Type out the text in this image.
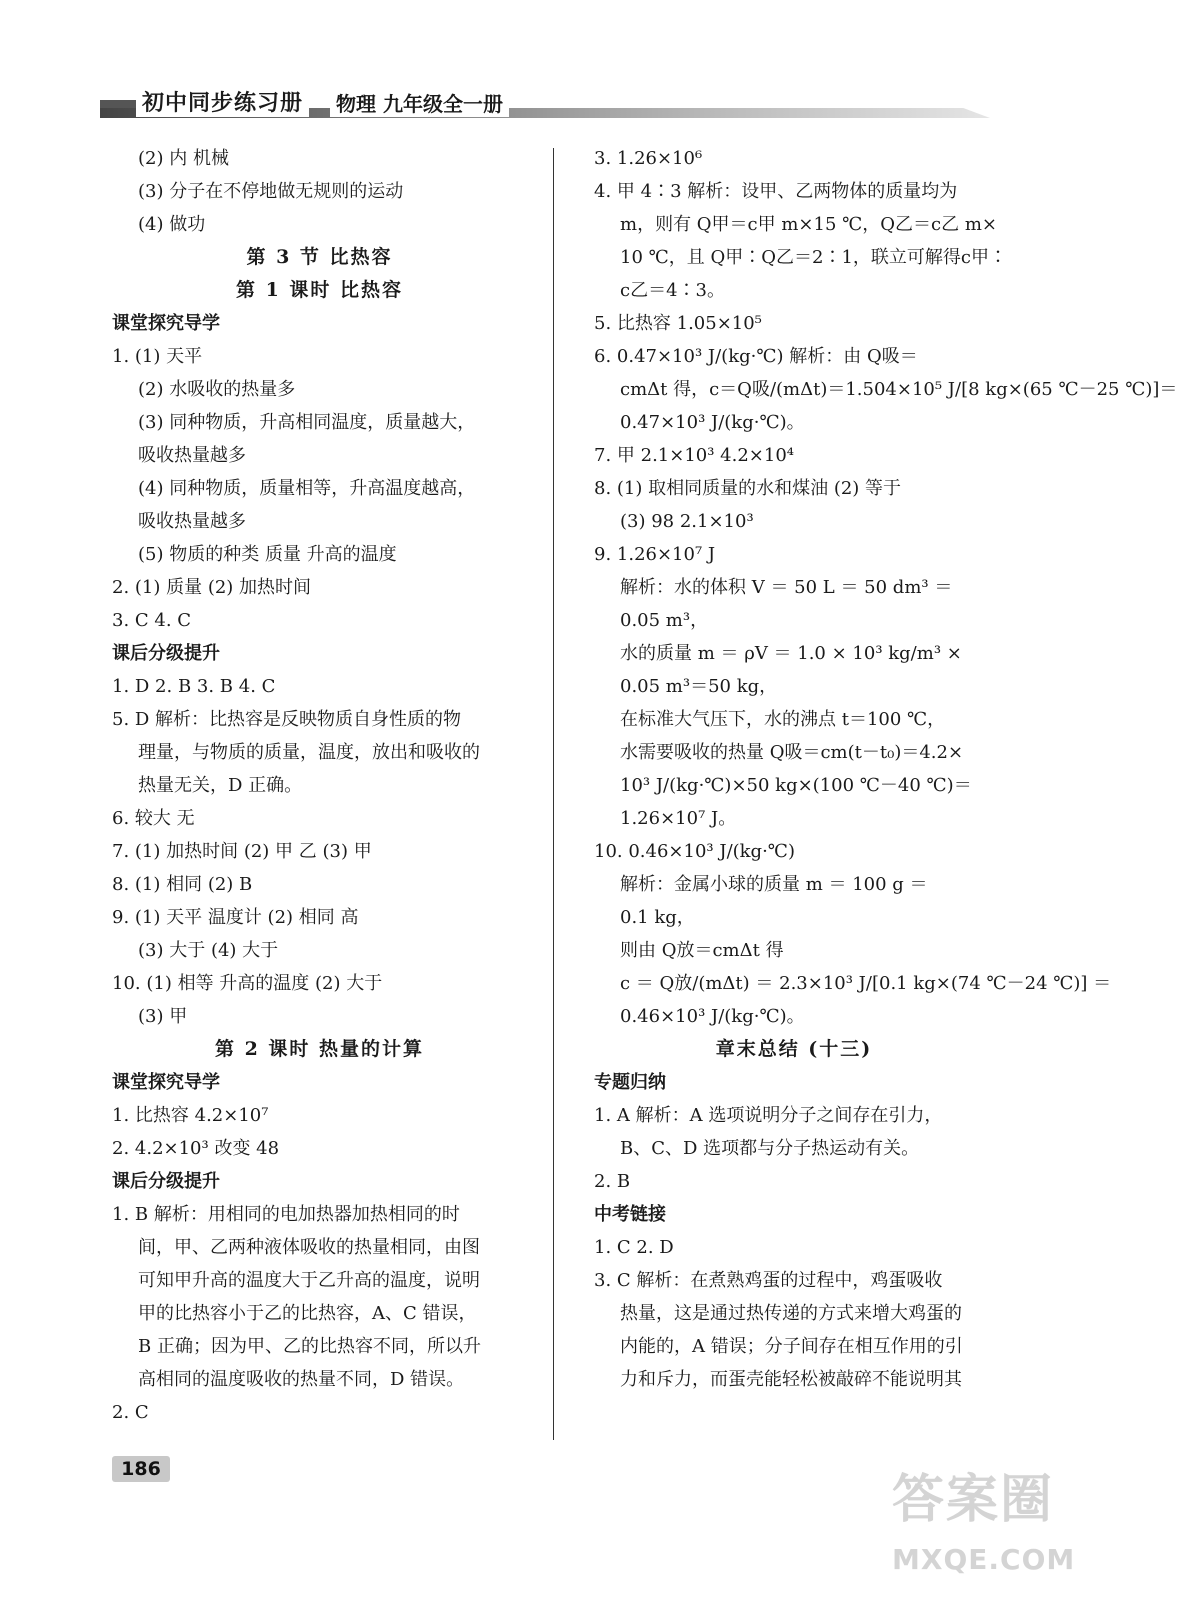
初中同步练习册	物理 九年级全一册
(2) 内 机械
(3) 分子在不停地做无规则的运动
(4) 做功
第 3 节 比热容
第 1 课时 比热容
课堂探究导学
1. (1) 天平
(2) 水吸收的热量多
(3) 同种物质，升高相同温度，质量越大，
吸收热量越多
(4) 同种物质，质量相等，升高温度越高，
吸收热量越多
(5) 物质的种类 质量 升高的温度
2. (1) 质量 (2) 加热时间
3. C 4. C
课后分级提升
1. D 2. B 3. B 4. C
5. D 解析：比热容是反映物质自身性质的物
理量，与物质的质量，温度，放出和吸收的
热量无关，D 正确。
6. 较大 无
7. (1) 加热时间 (2) 甲 乙 (3) 甲
8. (1) 相同 (2) B
9. (1) 天平 温度计 (2) 相同 高
(3) 大于 (4) 大于
10. (1) 相等 升高的温度 (2) 大于
(3) 甲
第 2 课时 热量的计算
课堂探究导学
1. 比热容 4.2×10⁷
2. 4.2×10³ 改变 48
课后分级提升
1. B 解析：用相同的电加热器加热相同的时
间，甲、乙两种液体吸收的热量相同，由图
可知甲升高的温度大于乙升高的温度，说明
甲的比热容小于乙的比热容，A、C 错误，
B 正确；因为甲、乙的比热容不同，所以升
高相同的温度吸收的热量不同，D 错误。
2. C
3. 1.26×10⁶
4. 甲 4∶3 解析：设甲、乙两物体的质量均为
m，则有 Q甲＝c甲 m×15 ℃，Q乙＝c乙 m×
10 ℃，且 Q甲∶Q乙＝2∶1，联立可解得c甲∶
c乙＝4∶3。
5. 比热容 1.05×10⁵
6. 0.47×10³ J/(kg·℃) 解析：由 Q吸＝
cmΔt 得，c＝Q吸/(mΔt)＝1.504×10⁵ J/[8 kg×(65 ℃－25 ℃)]＝
0.47×10³ J/(kg·℃)。
7. 甲 2.1×10³ 4.2×10⁴
8. (1) 取相同质量的水和煤油 (2) 等于
(3) 98 2.1×10³
9. 1.26×10⁷ J
解析：水的体积 V ＝ 50 L ＝ 50 dm³ ＝
0.05 m³，
水的质量 m ＝ ρV ＝ 1.0 × 10³ kg/m³ ×
0.05 m³＝50 kg，
在标准大气压下，水的沸点 t＝100 ℃，
水需要吸收的热量 Q吸＝cm(t－t₀)＝4.2×
10³ J/(kg·℃)×50 kg×(100 ℃－40 ℃)＝
1.26×10⁷ J。
10. 0.46×10³ J/(kg·℃)
解析：金属小球的质量 m ＝ 100 g ＝
0.1 kg，
则由 Q放＝cmΔt 得
c ＝ Q放/(mΔt) ＝ 2.3×10³ J/[0.1 kg×(74 ℃－24 ℃)] ＝
0.46×10³ J/(kg·℃)。
章末总结 (十三)
专题归纳
1. A 解析：A 选项说明分子之间存在引力，
B、C、D 选项都与分子热运动有关。
2. B
中考链接
1. C 2. D
3. C 解析：在煮熟鸡蛋的过程中，鸡蛋吸收
热量，这是通过热传递的方式来增大鸡蛋的
内能的，A 错误；分子间存在相互作用的引
力和斥力，而蛋壳能轻松被敲碎不能说明其
186
答案圈
MXQE.COM
